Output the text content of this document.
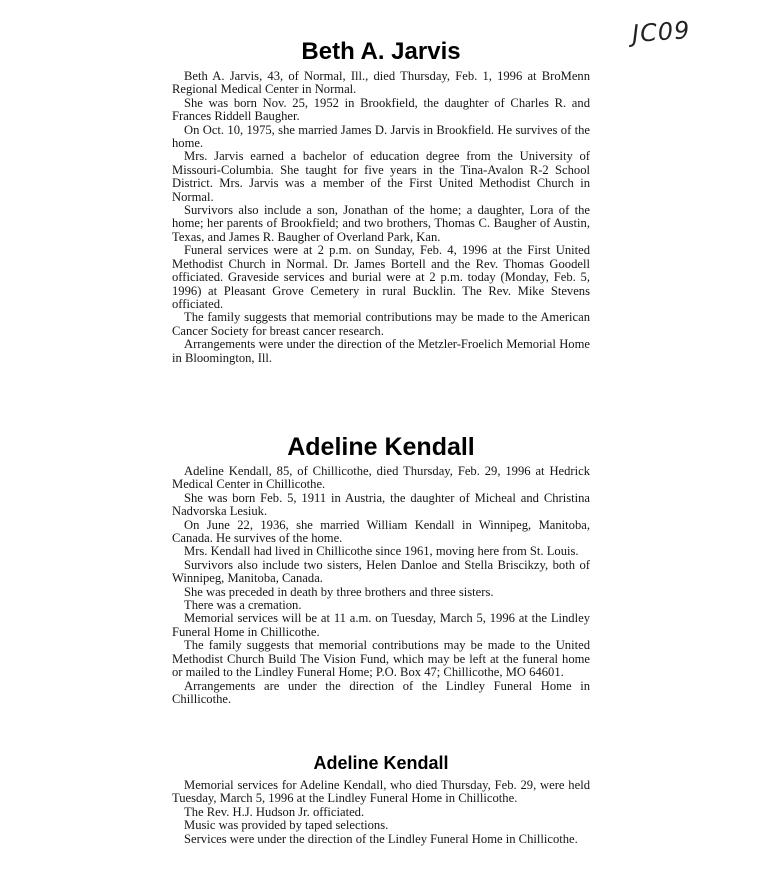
JC09
Beth A. Jarvis

Beth A. Jarvis, 43, of Normal, Ill., died Thursday, Feb. 1, 1996 at BroMenn Regional Medical Center in Normal.

She was born Nov. 25, 1952 in Brookfield, the daughter of Charles R. and Frances Riddell Baugher.

On Oct. 10, 1975, she married James D. Jarvis in Brookfield. He survives of the home.

Mrs. Jarvis earned a bachelor of education degree from the University of Missouri-Columbia. She taught for five years in the Tina-Avalon R-2 School District. Mrs. Jarvis was a member of the First United Methodist Church in Normal.

Survivors also include a son, Jonathan of the home; a daughter, Lora of the home; her parents of Brookfield; and two brothers, Thomas C. Baugher of Austin, Texas, and James R. Baugher of Overland Park, Kan.

Funeral services were at 2 p.m. on Sunday, Feb. 4, 1996 at the First United Methodist Church in Normal. Dr. James Bortell and the Rev. Thomas Goodell officiated. Graveside services and burial were at 2 p.m. today (Monday, Feb. 5, 1996) at Pleasant Grove Cemetery in rural Bucklin. The Rev. Mike Stevens officiated.

The family suggests that memorial contributions may be made to the American Cancer Society for breast cancer research.

Arrangements were under the direction of the Metzler-Froelich Memorial Home in Bloomington, Ill.

Adeline Kendall

Adeline Kendall, 85, of Chillicothe, died Thursday, Feb. 29, 1996 at Hedrick Medical Center in Chillicothe.

She was born Feb. 5, 1911 in Austria, the daughter of Micheal and Christina Nadvorska Lesiuk.

On June 22, 1936, she married William Kendall in Winnipeg, Manitoba, Canada. He survives of the home.

Mrs. Kendall had lived in Chillicothe since 1961, moving here from St. Louis.

Survivors also include two sisters, Helen Danloe and Stella Briscikzy, both of Winnipeg, Manitoba, Canada.

She was preceded in death by three brothers and three sisters.

There was a cremation.

Memorial services will be at 11 a.m. on Tuesday, March 5, 1996 at the Lindley Funeral Home in Chillicothe.

The family suggests that memorial contributions may be made to the United Methodist Church Build The Vision Fund, which may be left at the funeral home or mailed to the Lindley Funeral Home; P.O. Box 47; Chillicothe, MO 64601.

Arrangements are under the direction of the Lindley Funeral Home in Chillicothe.

Adeline Kendall

Memorial services for Adeline Kendall, who died Thursday, Feb. 29, were held Tuesday, March 5, 1996 at the Lindley Funeral Home in Chillicothe.

The Rev. H.J. Hudson Jr. officiated.

Music was provided by taped selections.

Services were under the direction of the Lindley Funeral Home in Chillicothe.
